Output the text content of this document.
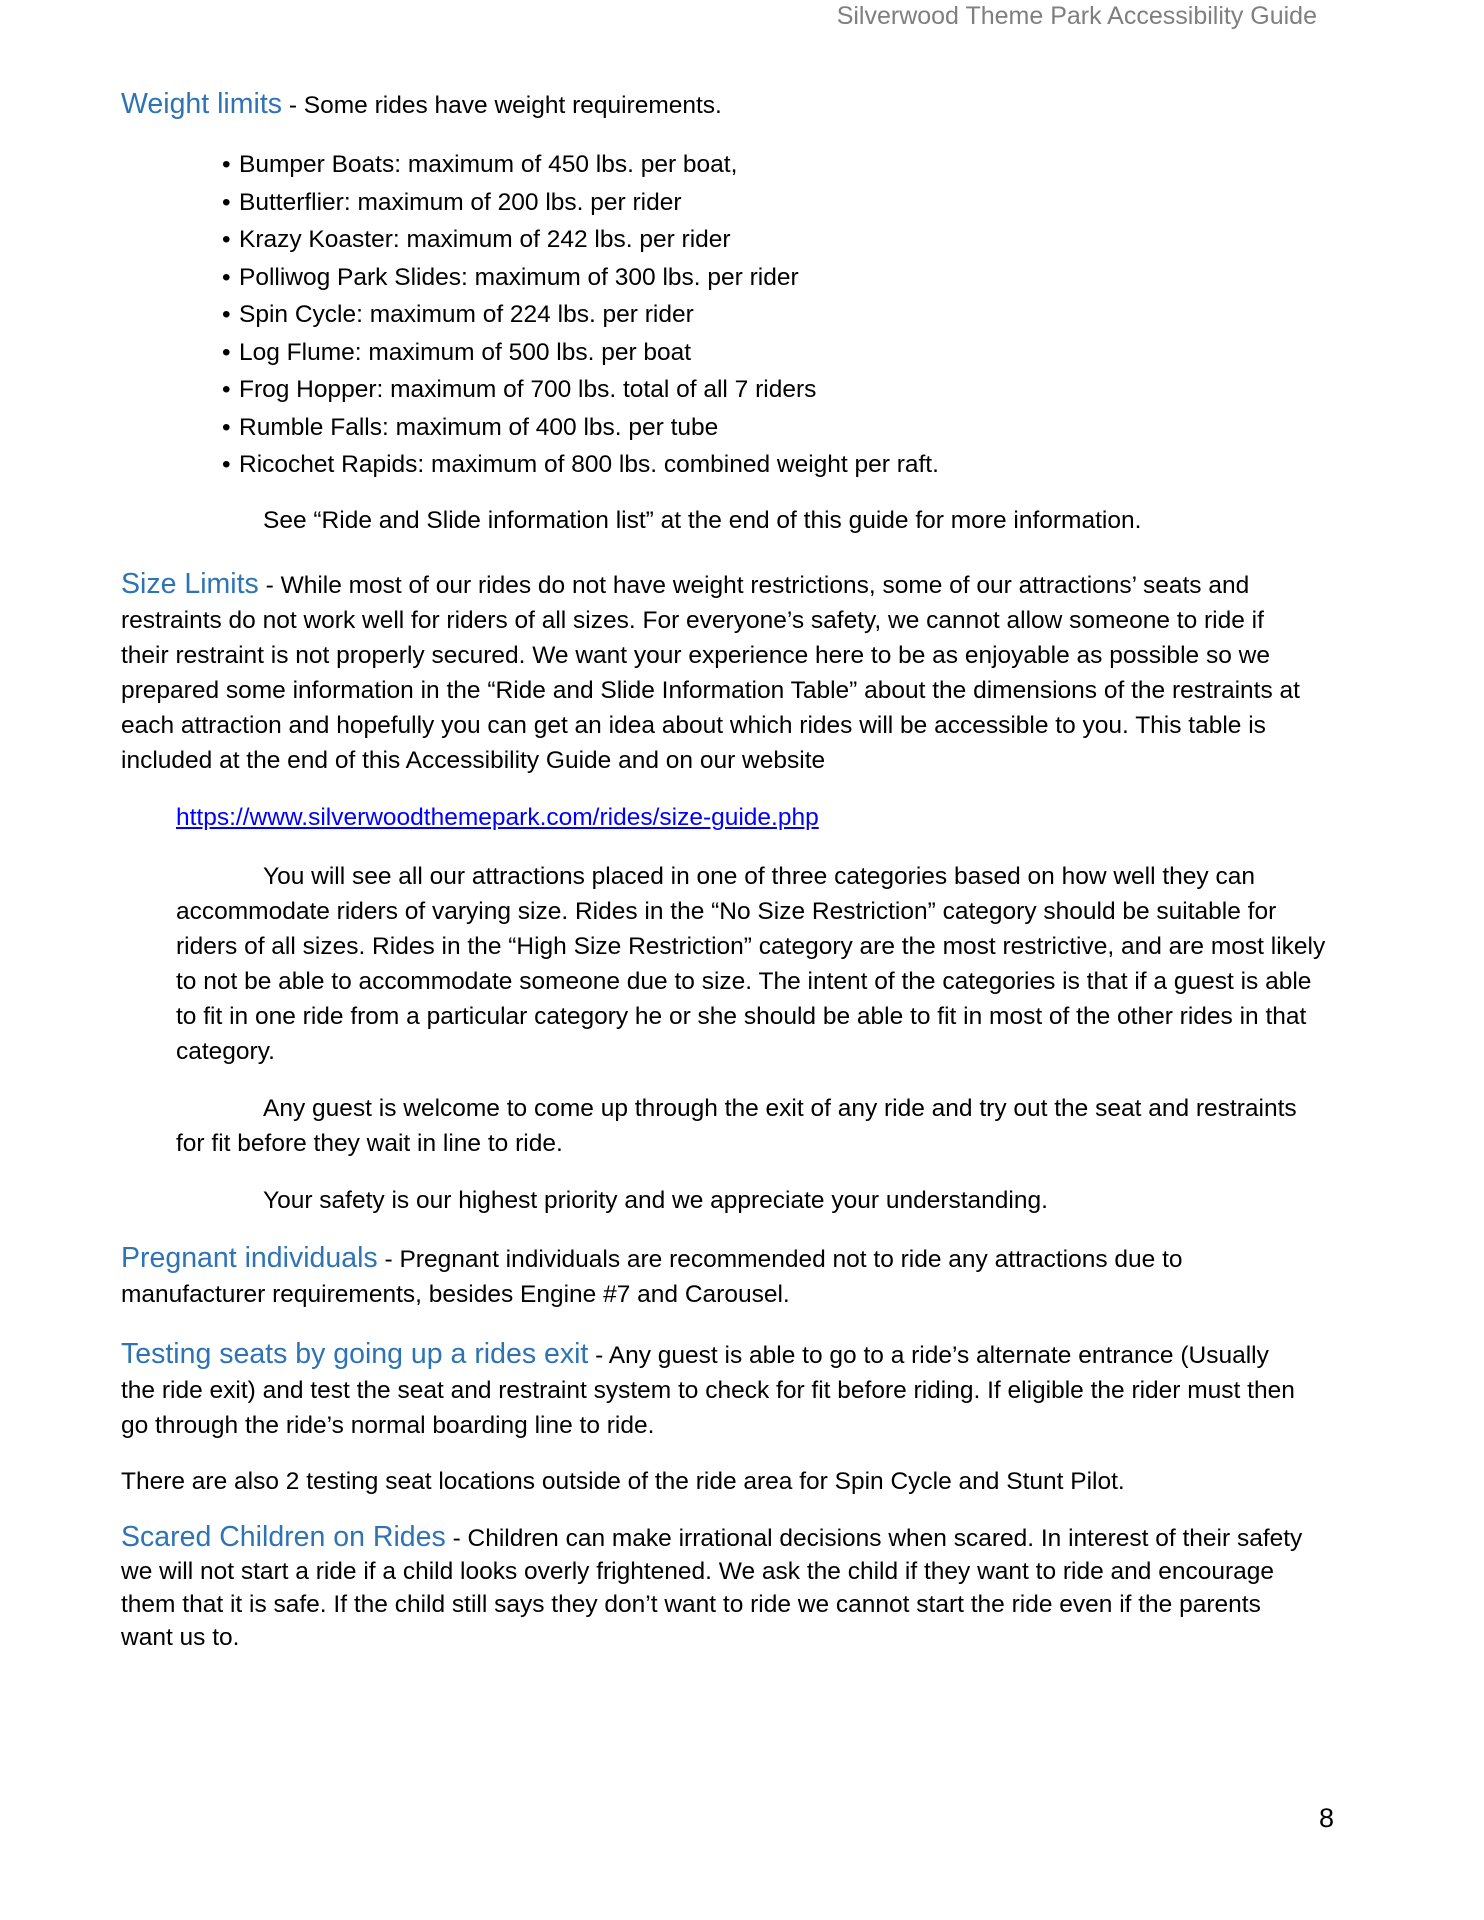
Silverwood Theme Park Accessibility Guide

Weight limits - Some rides have weight requirements.

• Bumper Boats: maximum of 450 lbs. per boat,
• Butterflier: maximum of 200 lbs. per rider
• Krazy Koaster: maximum of 242 lbs. per rider
• Polliwog Park Slides: maximum of 300 lbs. per rider
• Spin Cycle: maximum of 224 lbs. per rider
• Log Flume: maximum of 500 lbs. per boat
• Frog Hopper: maximum of 700 lbs. total of all 7 riders
• Rumble Falls: maximum of 400 lbs. per tube
• Ricochet Rapids: maximum of 800 lbs. combined weight per raft.

See “Ride and Slide information list” at the end of this guide for more information.

Size Limits - While most of our rides do not have weight restrictions, some of our attractions’ seats and restraints do not work well for riders of all sizes. For everyone’s safety, we cannot allow someone to ride if their restraint is not properly secured. We want your experience here to be as enjoyable as possible so we prepared some information in the “Ride and Slide Information Table” about the dimensions of the restraints at each attraction and hopefully you can get an idea about which rides will be accessible to you. This table is included at the end of this Accessibility Guide and on our website

https://www.silverwoodthemepark.com/rides/size-guide.php

You will see all our attractions placed in one of three categories based on how well they can accommodate riders of varying size. Rides in the “No Size Restriction” category should be suitable for riders of all sizes. Rides in the “High Size Restriction” category are the most restrictive, and are most likely to not be able to accommodate someone due to size. The intent of the categories is that if a guest is able to fit in one ride from a particular category he or she should be able to fit in most of the other rides in that category.

Any guest is welcome to come up through the exit of any ride and try out the seat and restraints for fit before they wait in line to ride.

Your safety is our highest priority and we appreciate your understanding.

Pregnant individuals - Pregnant individuals are recommended not to ride any attractions due to manufacturer requirements, besides Engine #7 and Carousel.

Testing seats by going up a rides exit - Any guest is able to go to a ride’s alternate entrance (Usually the ride exit) and test the seat and restraint system to check for fit before riding. If eligible the rider must then go through the ride’s normal boarding line to ride.

There are also 2 testing seat locations outside of the ride area for Spin Cycle and Stunt Pilot.

Scared Children on Rides - Children can make irrational decisions when scared. In interest of their safety we will not start a ride if a child looks overly frightened. We ask the child if they want to ride and encourage them that it is safe. If the child still says they don’t want to ride we cannot start the ride even if the parents want us to.

8
